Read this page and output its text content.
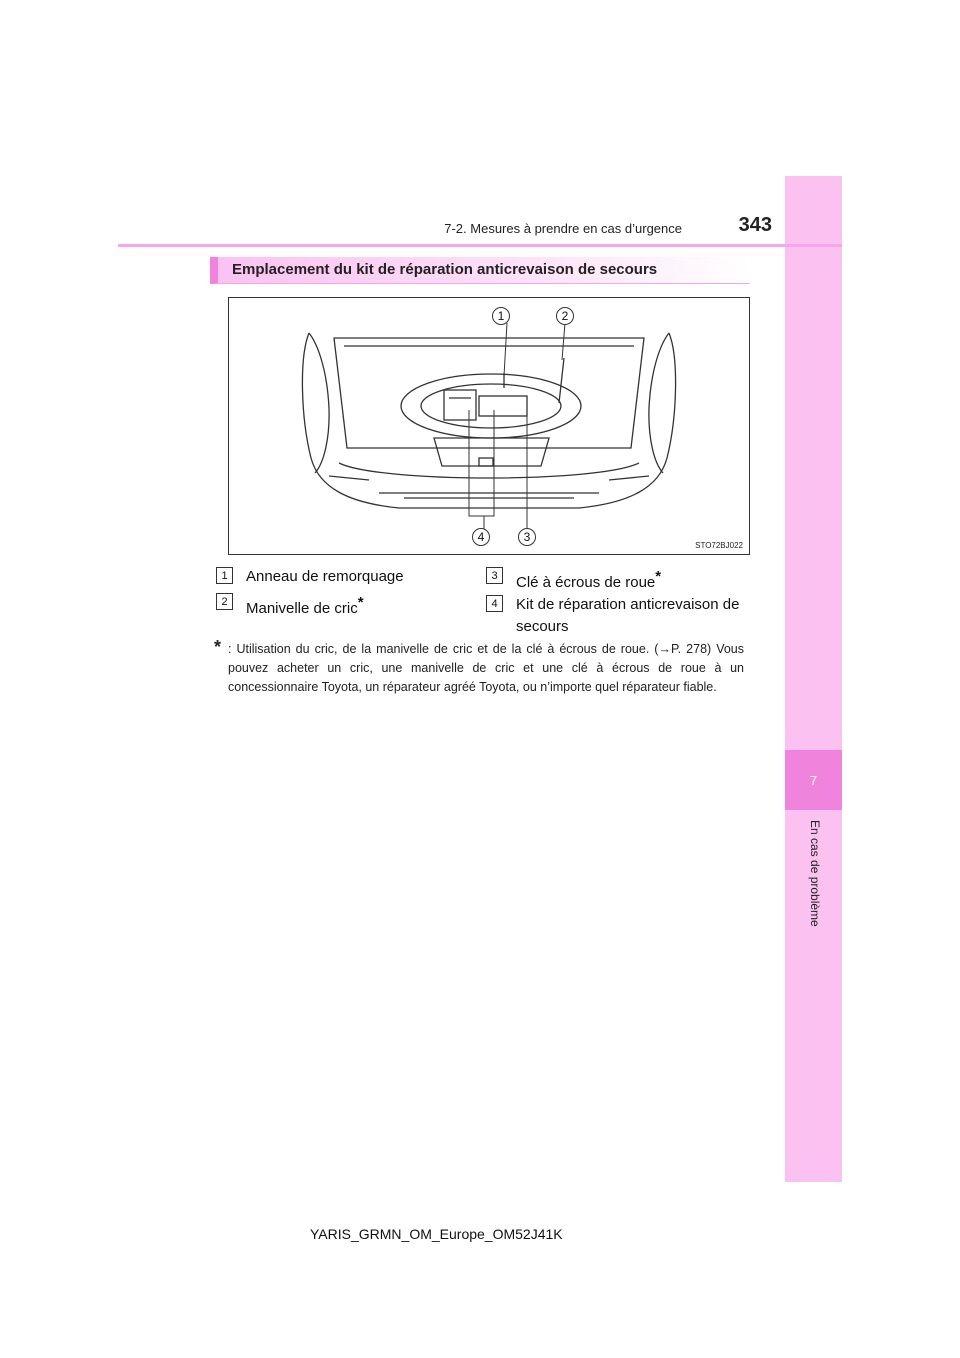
7
En cas de problème
7-2. Mesures à prendre en cas d’urgence	343
Emplacement du kit de réparation anticrevaison de secours
1	2
4	3
STO72BJ022
1	Anneau de remorquage
2	Manivelle de cric*
3	Clé à écrous de roue*
4	Kit de réparation anticrevaison de secours
* : Utilisation du cric, de la manivelle de cric et de la clé à écrous de roue. (→P. 278) Vous pouvez acheter un cric, une manivelle de cric et une clé à écrous de roue à un concessionnaire Toyota, un réparateur agréé Toyota, ou n’importe quel réparateur fiable.
YARIS_GRMN_OM_Europe_OM52J41K
